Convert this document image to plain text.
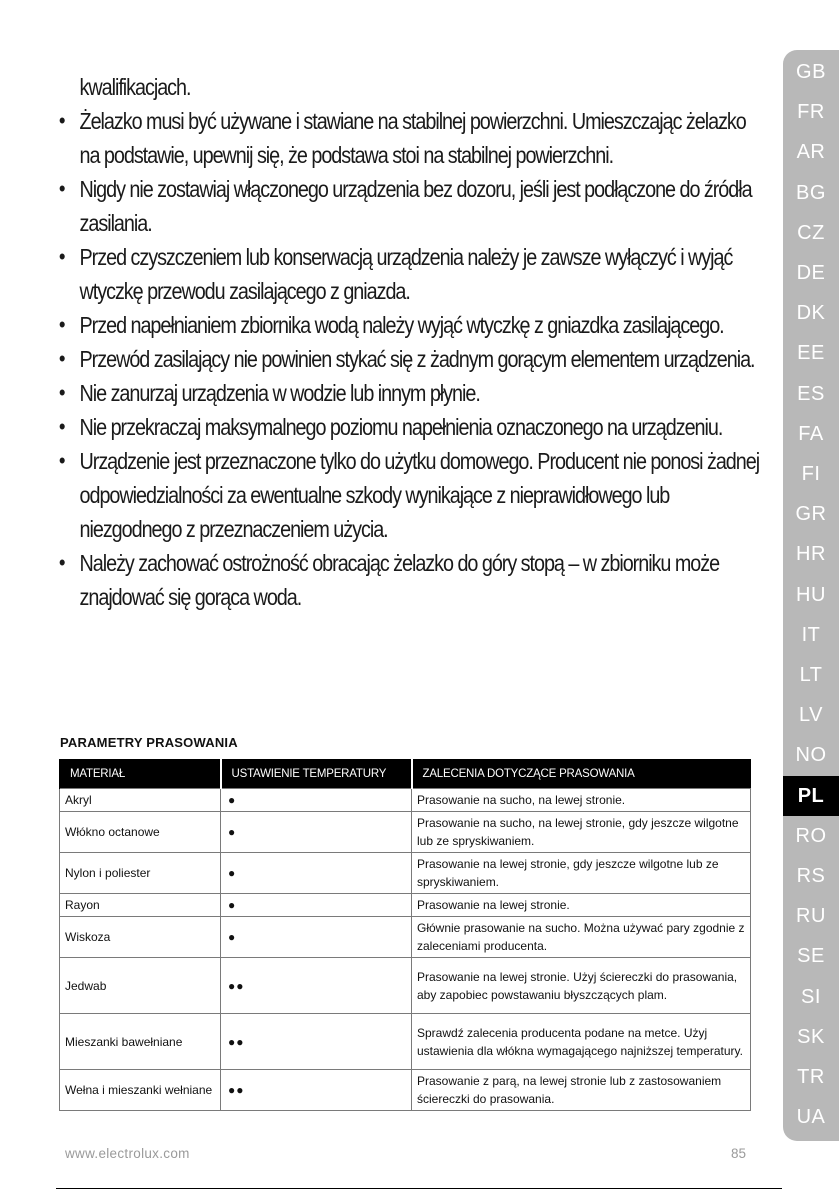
kwalifikacjach.
• Żelazko musi być używane i stawiane na stabilnej powierzchni. Umieszczając żelazko na podstawie, upewnij się, że podstawa stoi na stabilnej powierzchni.
• Nigdy nie zostawiaj włączonego urządzenia bez dozoru, jeśli jest podłączone do źródła zasilania.
• Przed czyszczeniem lub konserwacją urządzenia należy je zawsze wyłączyć i wyjąć wtyczkę przewodu zasilającego z gniazda.
• Przed napełnianiem zbiornika wodą należy wyjąć wtyczkę z gniazdka zasilającego.
• Przewód zasilający nie powinien stykać się z żadnym gorącym elementem urządzenia.
• Nie zanurzaj urządzenia w wodzie lub innym płynie.
• Nie przekraczaj maksymalnego poziomu napełnienia oznaczonego na urządzeniu.
• Urządzenie jest przeznaczone tylko do użytku domowego. Producent nie ponosi żadnej odpowiedzialności za ewentualne szkody wynikające z nieprawidłowego lub niezgodnego z przeznaczeniem użycia.
• Należy zachować ostrożność obracając żelazko do góry stopą – w zbiorniku może znajdować się gorąca woda.
PARAMETRY PRASOWANIA
MATERIAŁ	USTAWIENIE TEMPERATURY	ZALECENIA DOTYCZĄCE PRASOWANIA
Akryl	●	Prasowanie na sucho, na lewej stronie.
Włókno octanowe	●	Prasowanie na sucho, na lewej stronie, gdy jeszcze wilgotne lub ze spryskiwaniem.
Nylon i poliester	●	Prasowanie na lewej stronie, gdy jeszcze wilgotne lub ze spryskiwaniem.
Rayon	●	Prasowanie na lewej stronie.
Wiskoza	●	Głównie prasowanie na sucho. Można używać pary zgodnie z zaleceniami producenta.
Jedwab	●●	Prasowanie na lewej stronie. Użyj ściereczki do prasowania, aby zapobiec powstawaniu błyszczących plam.
Mieszanki bawełniane	●●	Sprawdź zalecenia producenta podane na metce. Użyj ustawienia dla włókna wymagającego najniższej temperatury.
Wełna i mieszanki wełniane	●●	Prasowanie z parą, na lewej stronie lub z zastosowaniem ściereczki do prasowania.
www.electrolux.com	85
GB
FR
AR
BG
CZ
DE
DK
EE
ES
FA
FI
GR
HR
HU
IT
LT
LV
NO
PL
RO
RS
RU
SE
SI
SK
TR
UA
